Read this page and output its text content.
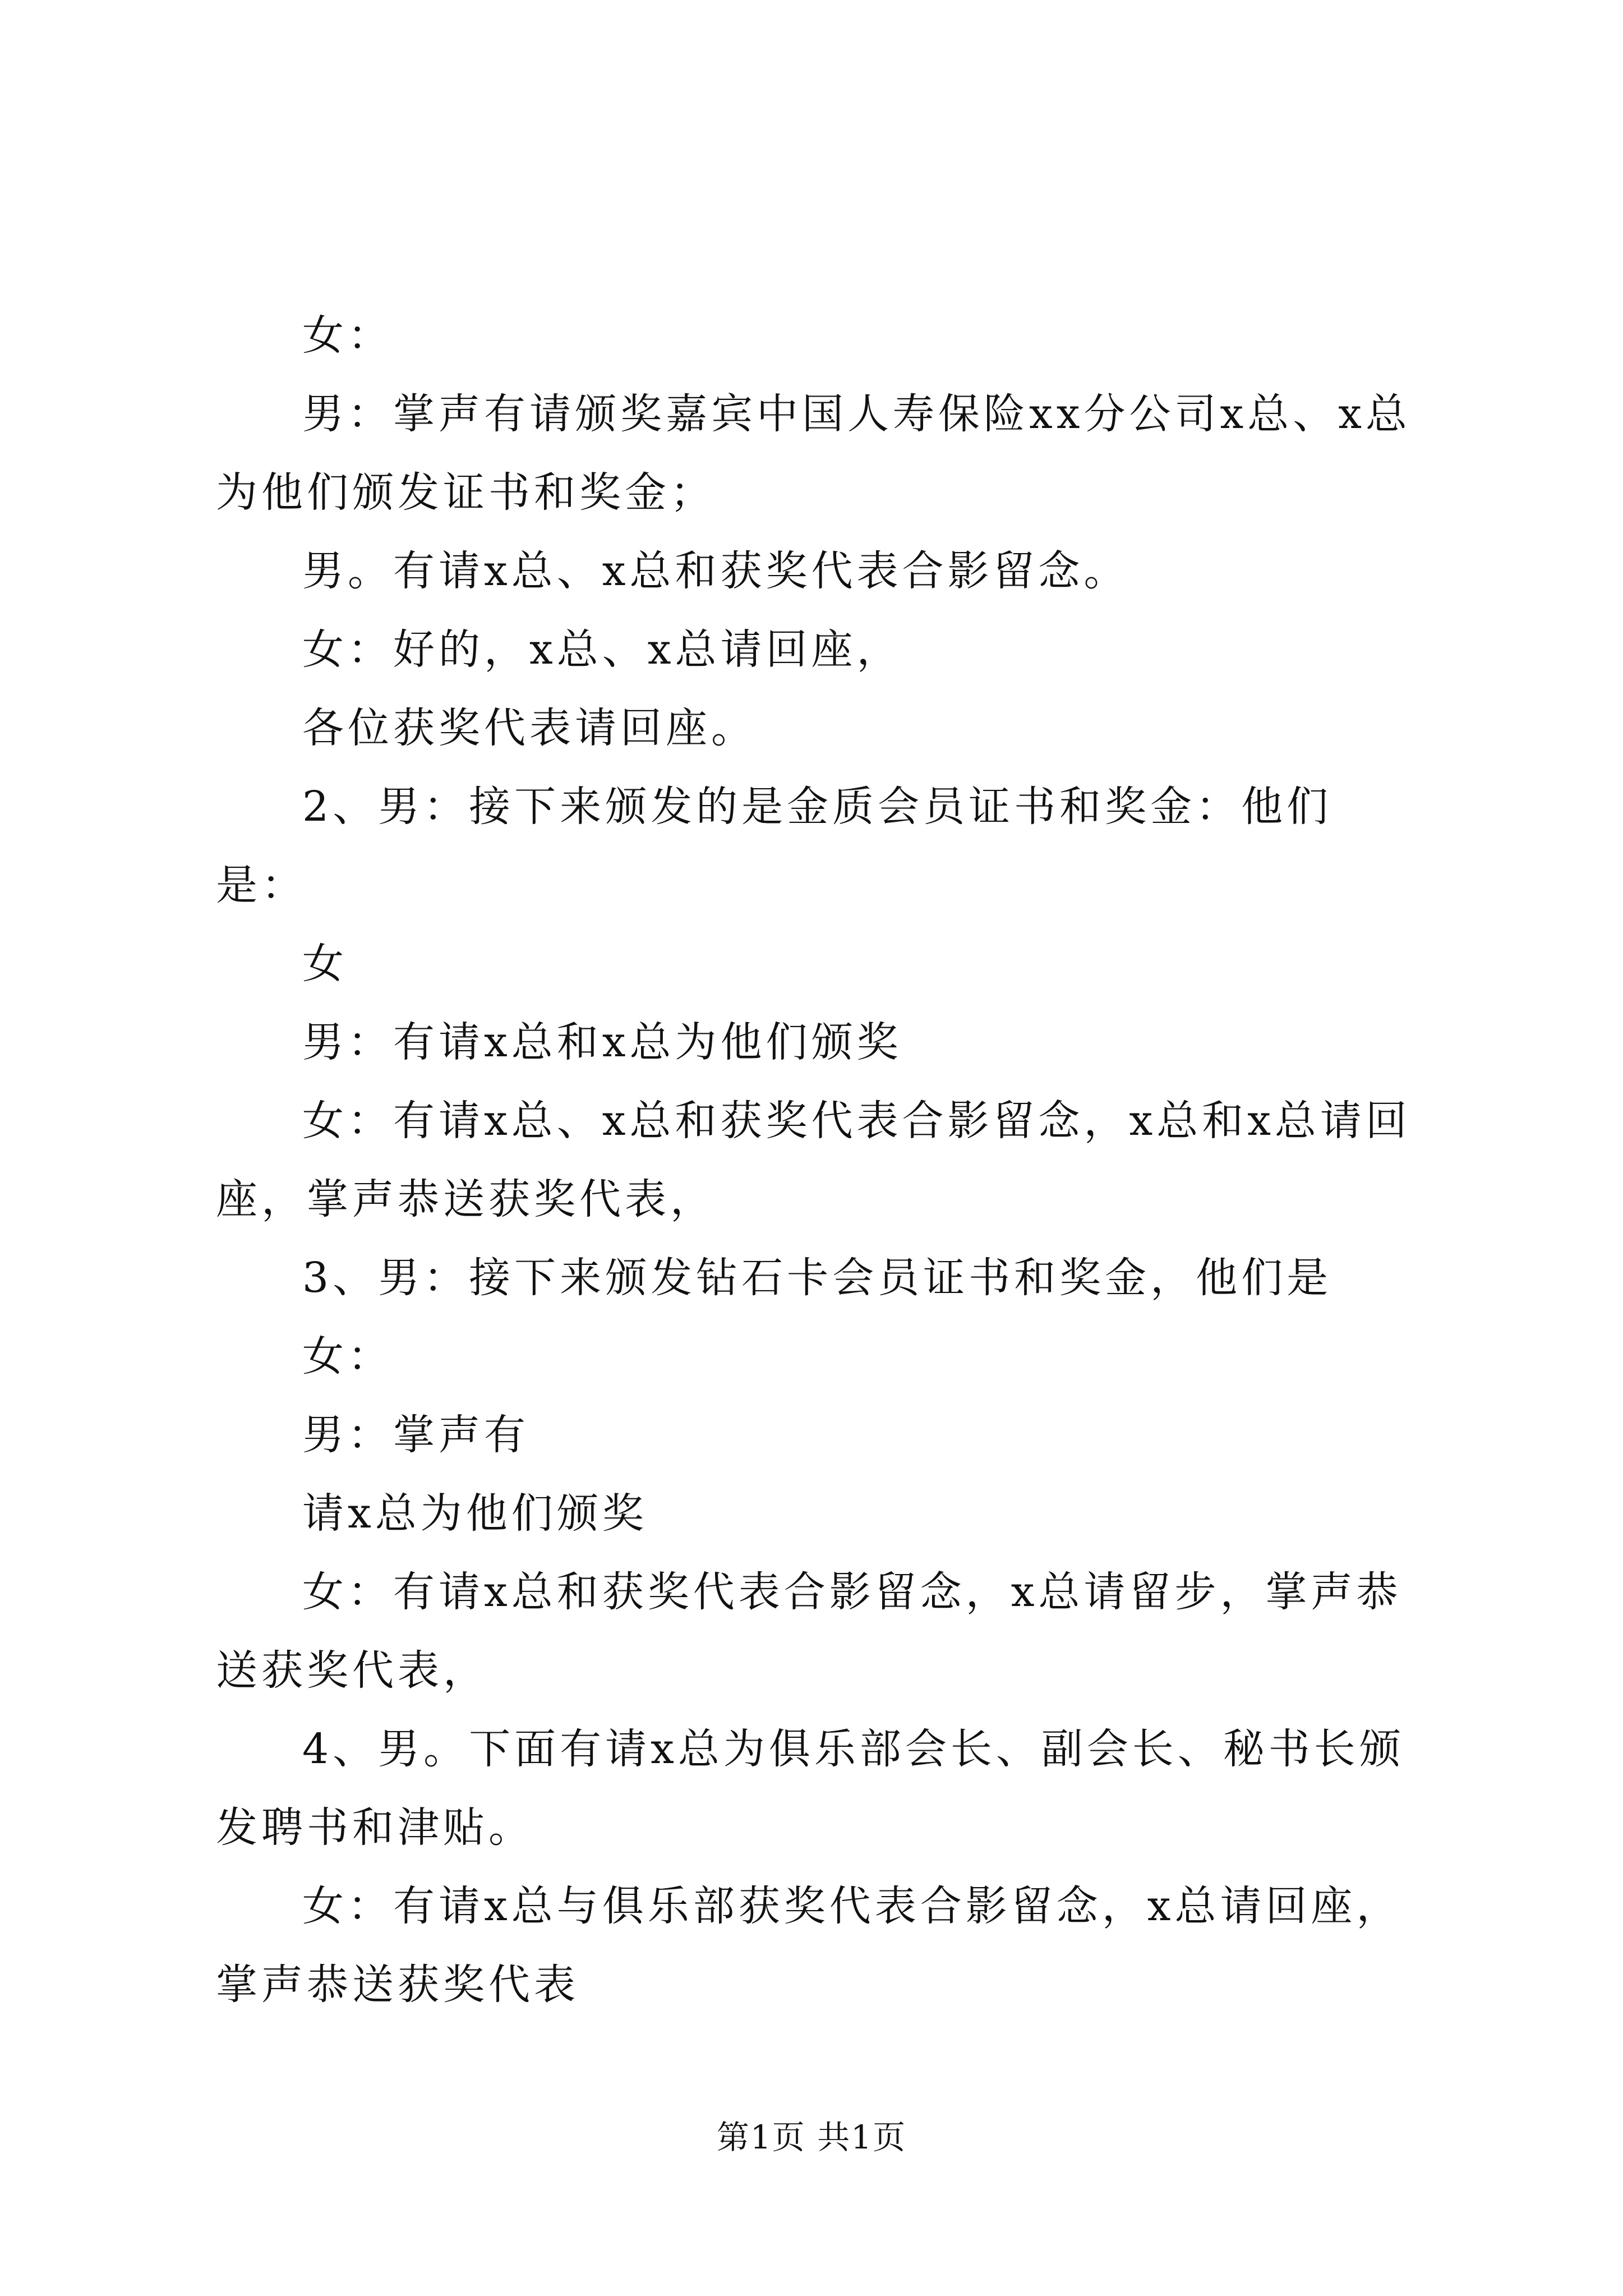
女：

男：掌声有请颁奖嘉宾中国人寿保险xx分公司x总、x总为他们颁发证书和奖金；

男。有请x总、x总和获奖代表合影留念。

女：好的，x总、x总请回座，

各位获奖代表请回座。

2、男：接下来颁发的是金质会员证书和奖金：他们是：

女

男：有请x总和x总为他们颁奖

女：有请x总、x总和获奖代表合影留念，x总和x总请回座，掌声恭送获奖代表，

3、男：接下来颁发钻石卡会员证书和奖金，他们是

女：

男：掌声有

请x总为他们颁奖

女：有请x总和获奖代表合影留念，x总请留步，掌声恭送获奖代表，

4、男。下面有请x总为俱乐部会长、副会长、秘书长颁发聘书和津贴。

女：有请x总与俱乐部获奖代表合影留念，x总请回座，掌声恭送获奖代表

第1页 共1页
